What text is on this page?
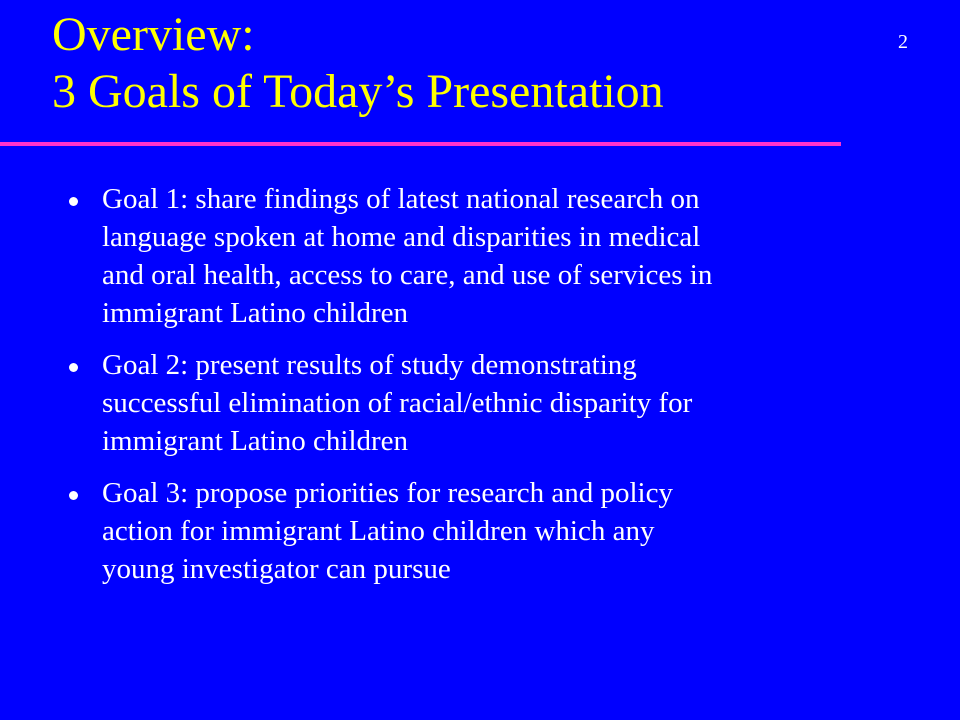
Overview:
3 Goals of Today’s Presentation
2
Goal 1: share findings of latest national research on
language spoken at home and disparities in medical
and oral health, access to care, and use of services in
immigrant Latino children
Goal 2: present results of study demonstrating
successful elimination of racial/ethnic disparity for
immigrant Latino children
Goal 3: propose priorities for research and policy
action for immigrant Latino children which any
young investigator can pursue
